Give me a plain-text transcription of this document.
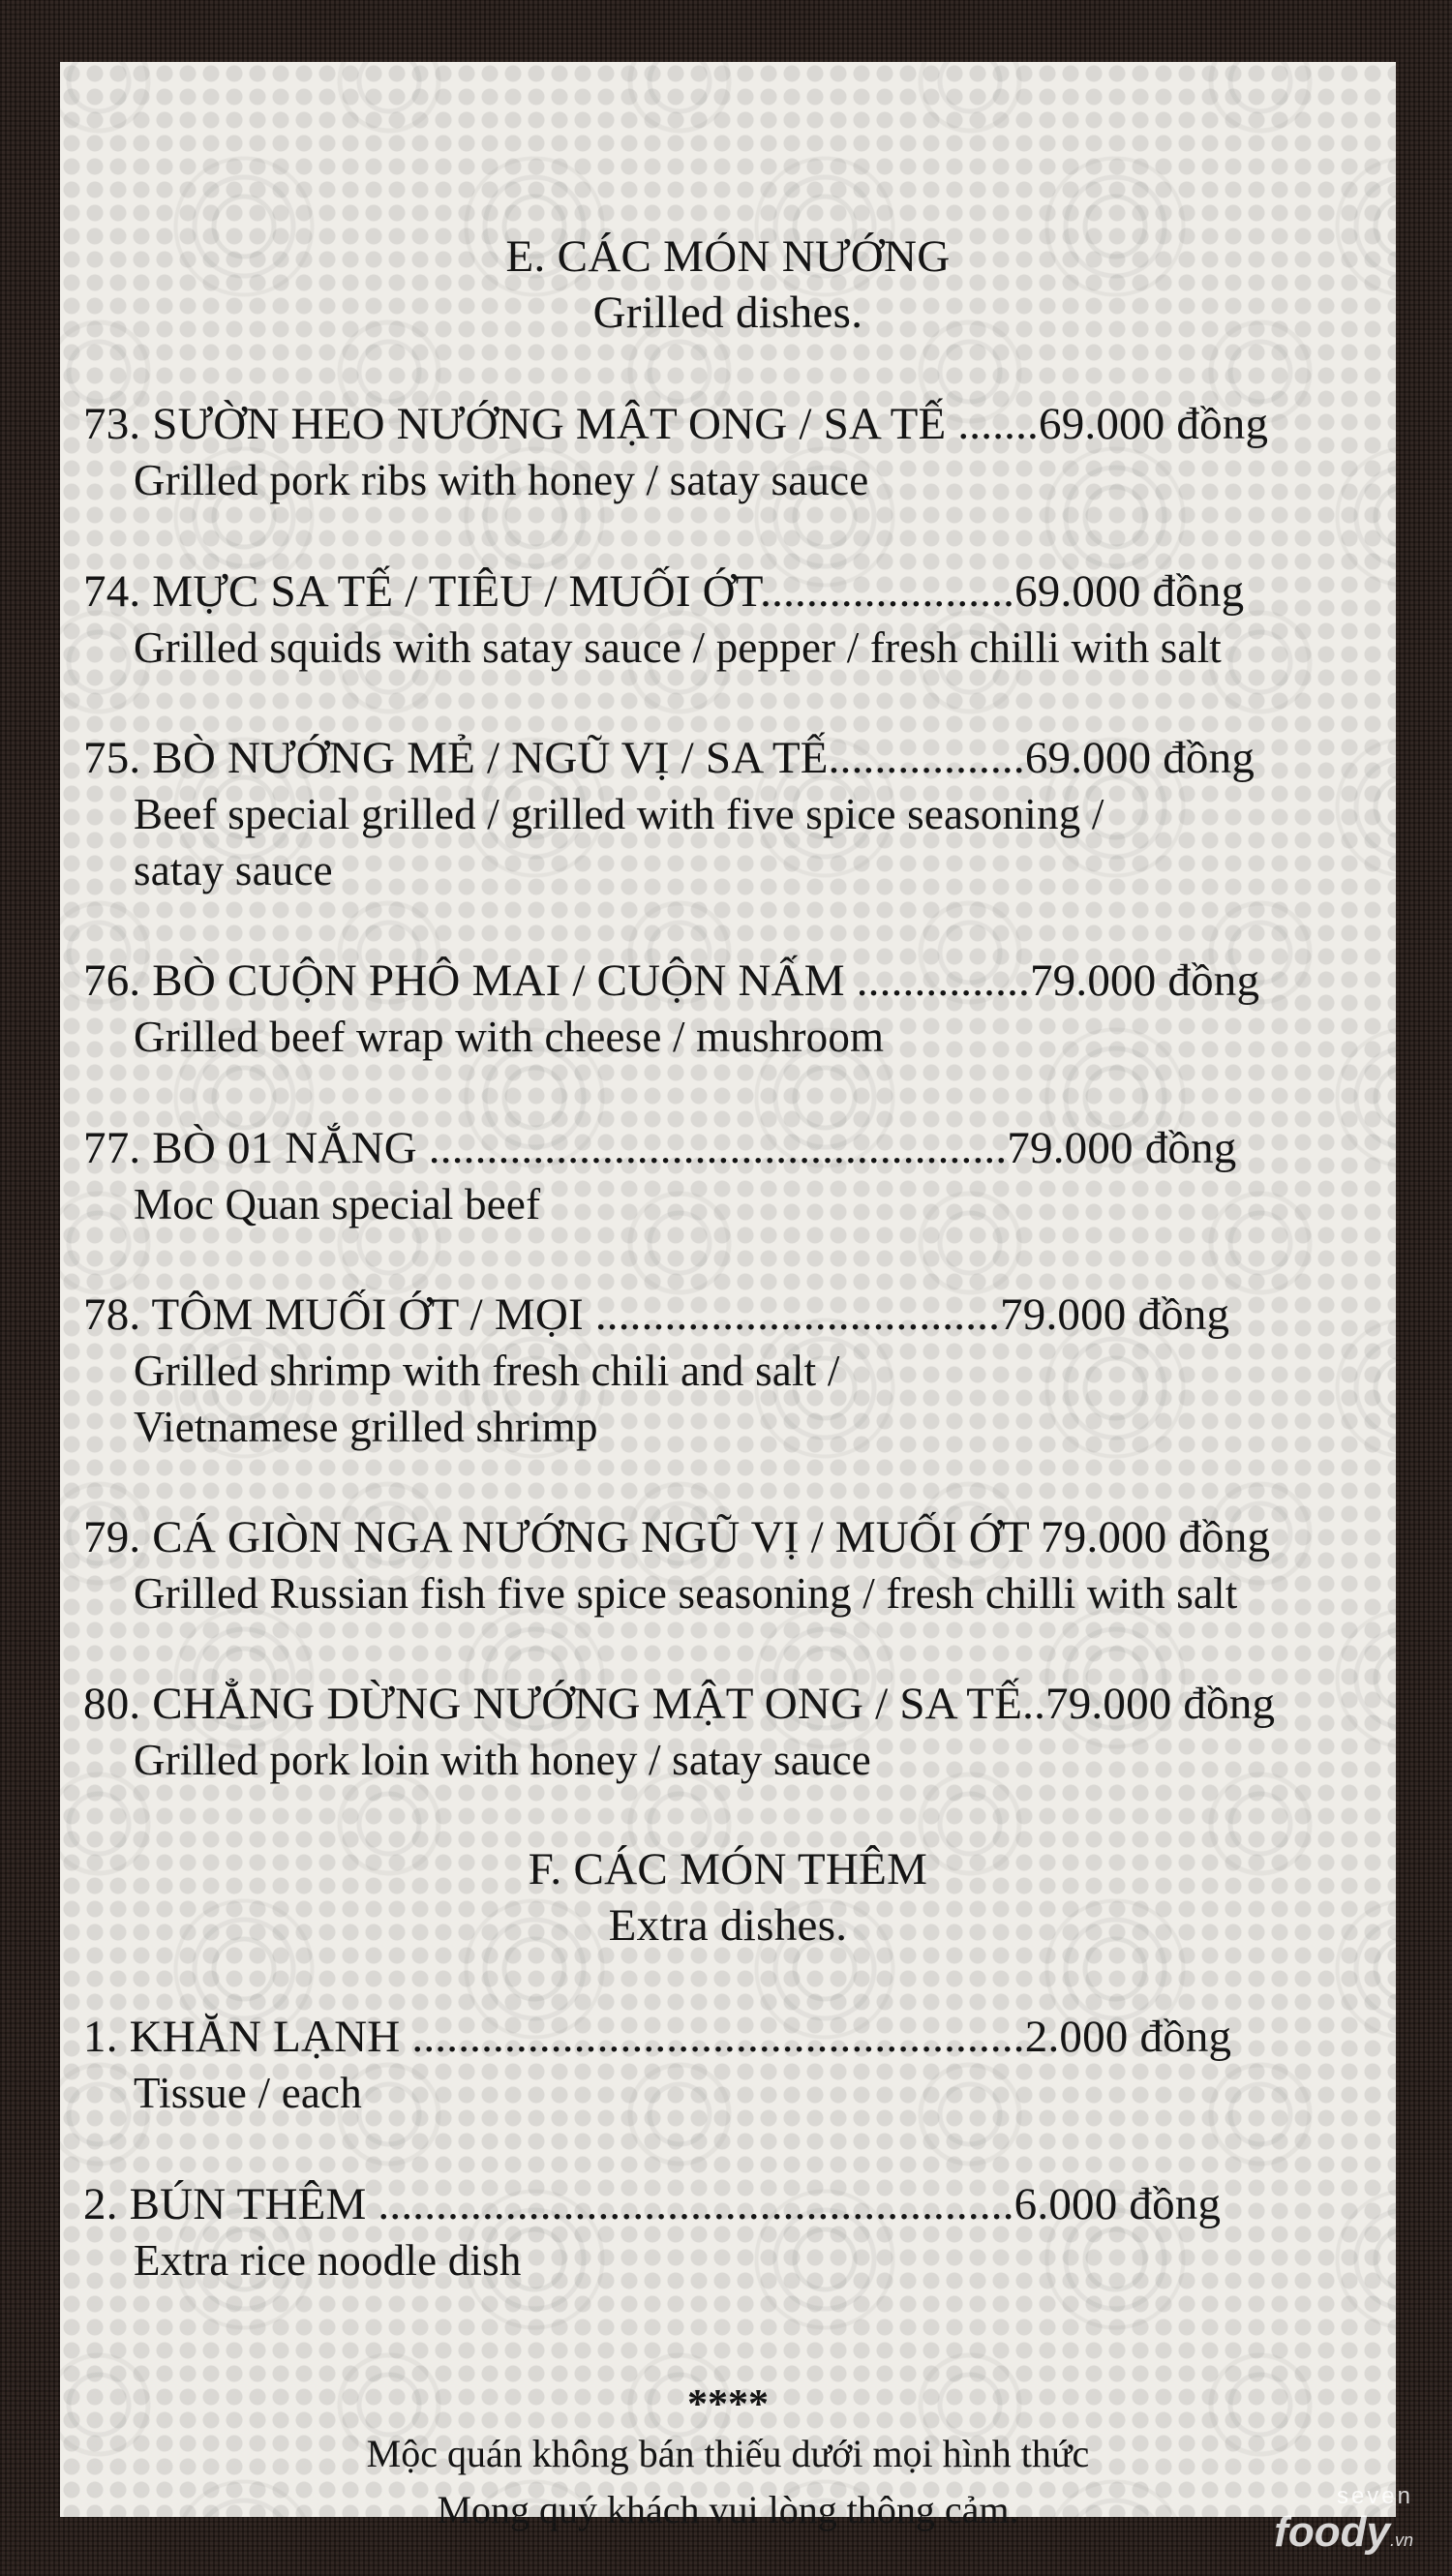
E. CÁC MÓN NƯỚNG
Grilled dishes.
73. SƯỜN HEO NƯỚNG MẬT ONG / SA TẾ .......69.000 đồng
Grilled pork ribs with honey / satay sauce
74. MỰC SA TẾ / TIÊU / MUỐI ỚT......................69.000 đồng
Grilled squids with satay sauce / pepper / fresh chilli with salt
75. BÒ NƯỚNG MẺ / NGŨ VỊ / SA TẾ.................69.000 đồng
Beef special grilled / grilled with five spice seasoning /
satay sauce
76. BÒ CUỘN PHÔ MAI / CUỘN NẤM ...............79.000 đồng
Grilled beef wrap with cheese / mushroom
77. BÒ 01 NẮNG ..................................................79.000 đồng
Moc Quan special beef
78. TÔM MUỐI ỚT / MỌI ...................................79.000 đồng
Grilled shrimp with fresh chili and salt /
Vietnamese grilled shrimp
79. CÁ GIÒN NGA NƯỚNG NGŨ VỊ / MUỐI ỚT 79.000 đồng
Grilled Russian fish five spice seasoning / fresh chilli with salt
80. CHẲNG DỪNG NƯỚNG MẬT ONG / SA TẾ..79.000 đồng
Grilled pork loin with honey / satay sauce
F. CÁC MÓN THÊM
Extra dishes.
1. KHĂN LẠNH .....................................................2.000 đồng
Tissue / each
2. BÚN THÊM .......................................................6.000 đồng
Extra rice noodle dish
****
Mộc quán không bán thiếu dưới mọi hình thức
Mong quý khách vui lòng thông cảm.	seven
foody.vn
